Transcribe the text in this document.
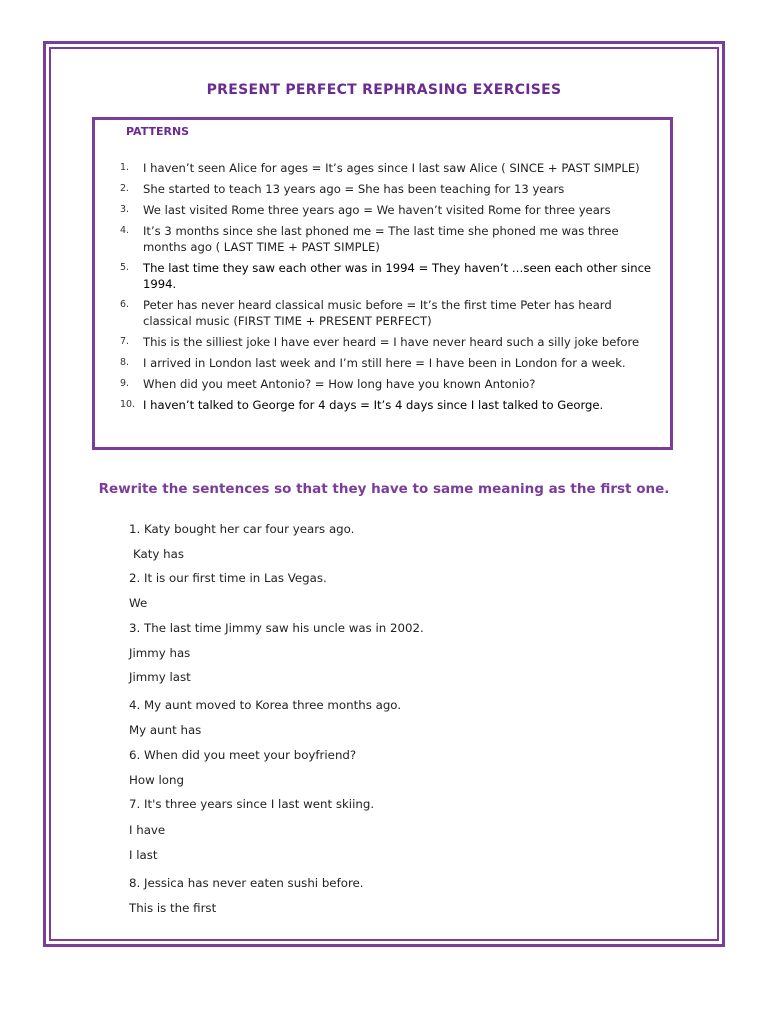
PRESENT PERFECT REPHRASING EXERCISES
PATTERNS
1.	I haven’t seen Alice for ages = It’s ages since I last saw Alice ( SINCE + PAST SIMPLE)
2.	She started to teach 13 years ago = She has been teaching for 13 years
3.	We last visited Rome three years ago = We haven’t visited Rome for three years
4.	It’s 3 months since she last phoned me = The last time she phoned me was three months ago ( LAST TIME + PAST SIMPLE)
5.	The last time they saw each other was in 1994 = They haven’t …seen each other since 1994.
6.	Peter has never heard classical music before = It’s the first time Peter has heard classical music (FIRST TIME + PRESENT PERFECT)
7.	This is the silliest joke I have ever heard = I have never heard such a silly joke before
8.	I arrived in London last week and I’m still here = I have been in London for a week.
9.	When did you meet Antonio? = How long have you known Antonio?
10. I haven’t talked to George for 4 days = It’s 4 days since I last talked to George.
Rewrite the sentences so that they have to same meaning as the first one.
1. Katy bought her car four years ago.
Katy has
2. It is our first time in Las Vegas.
We
3. The last time Jimmy saw his uncle was in 2002.
Jimmy has
Jimmy last
4. My aunt moved to Korea three months ago.
My aunt has
6. When did you meet your boyfriend?
How long
7. It's three years since I last went skiing.
I have
I last
8. Jessica has never eaten sushi before.
This is the first
